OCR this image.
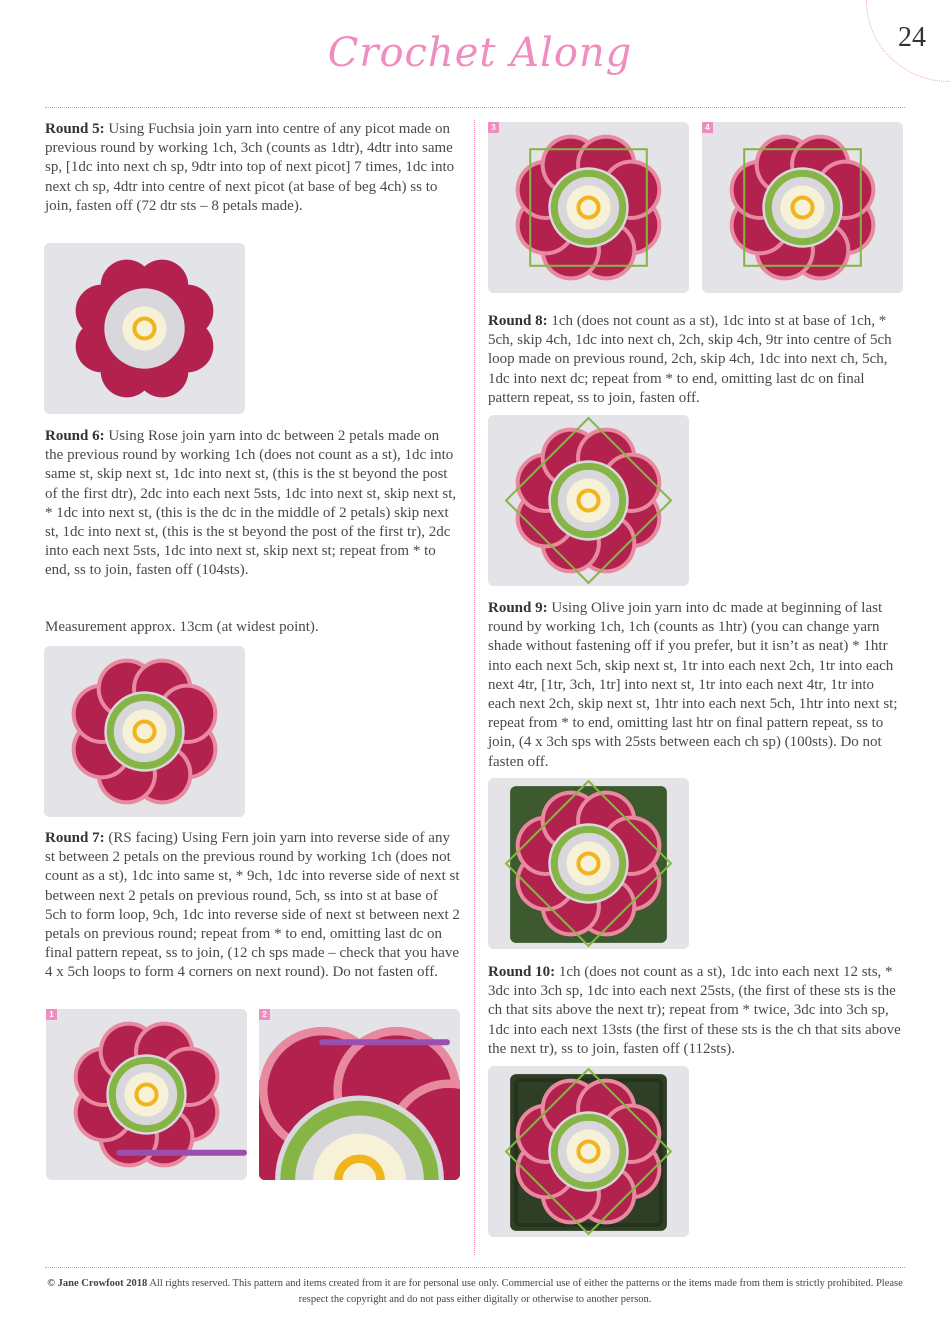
Crochet Along	24
Round 5: Using Fuchsia join yarn into centre of any picot made on previous round by working 1ch, 3ch (counts as 1dtr), 4dtr into same sp, [1dc into next ch sp, 9dtr into top of next picot] 7 times, 1dc into next ch sp, 4dtr into centre of next picot (at base of beg 4ch) ss to join, fasten off (72 dtr sts – 8 petals made).
Round 6: Using Rose join yarn into dc between 2 petals made on the previous round by working 1ch (does not count as a st), 1dc into same st, skip next st, 1dc into next st, (this is the st beyond the post of the first dtr), 2dc into each next 5sts, 1dc into next st, skip next st, * 1dc into next st, (this is the dc in the middle of 2 petals) skip next st, 1dc into next st, (this is the st beyond the post of the first tr), 2dc into each next 5sts, 1dc into next st, skip next st; repeat from * to end, ss to join, fasten off (104sts).
Measurement approx. 13cm (at widest point).
Round 7: (RS facing) Using Fern join yarn into reverse side of any st between 2 petals on the previous round by working 1ch (does not count as a st), 1dc into same st, * 9ch, 1dc into reverse side of next st between next 2 petals on previous round, 5ch, ss into st at base of 5ch to form loop, 9ch, 1dc into reverse side of next st between next 2 petals on previous round; repeat from * to end, omitting last dc on final pattern repeat, ss to join, (12 ch sps made – check that you have 4 x 5ch loops to form 4 corners on next round). Do not fasten off.
1	2
3	4
Round 8: 1ch (does not count as a st), 1dc into st at base of 1ch, * 5ch, skip 4ch, 1dc into next ch, 2ch, skip 4ch, 9tr into centre of 5ch loop made on previous round, 2ch, skip 4ch, 1dc into next ch, 5ch, 1dc into next dc; repeat from * to end, omitting last dc on final pattern repeat, ss to join, fasten off.
Round 9: Using Olive join yarn into dc made at beginning of last round by working 1ch, 1ch (counts as 1htr) (you can change yarn shade without fastening off if you prefer, but it isn’t as neat) * 1htr into each next 5ch, skip next st, 1tr into each next 2ch, 1tr into each next 4tr, [1tr, 3ch, 1tr] into next st, 1tr into each next 4tr, 1tr into each next 2ch, skip next st, 1htr into each next 5ch, 1htr into next st; repeat from * to end, omitting last htr on final pattern repeat, ss to join, (4 x 3ch sps with 25sts between each ch sp) (100sts). Do not fasten off.
Round 10: 1ch (does not count as a st), 1dc into each next 12 sts, * 3dc into 3ch sp, 1dc into each next 25sts, (the first of these sts is the ch that sits above the next tr); repeat from * twice, 3dc into 3ch sp, 1dc into each next 13sts (the first of these sts is the ch that sits above the next tr), ss to join, fasten off (112sts).
© Jane Crowfoot 2018 All rights reserved. This pattern and items created from it are for personal use only. Commercial use of either the patterns or the items made from them is strictly prohibited. Please respect the copyright and do not pass either digitally or otherwise to another person.
